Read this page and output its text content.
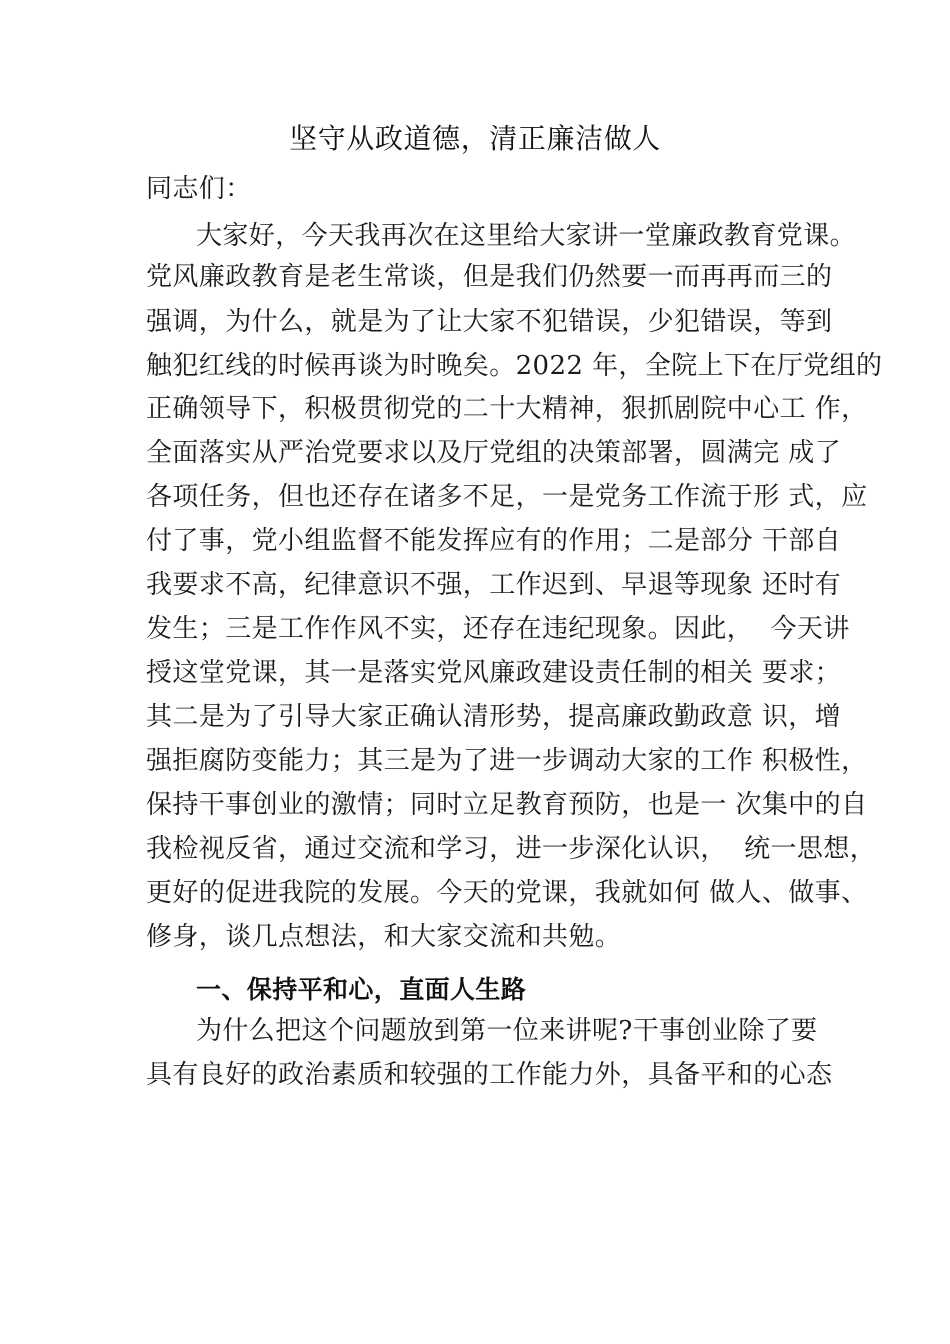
坚守从政道德，清正廉洁做人
同志们：
大家好，今天我再次在这里给大家讲一堂廉政教育党课。
党风廉政教育是老生常谈，但是我们仍然要一而再再而三的
强调，为什么，就是为了让大家不犯错误，少犯错误，等到
触犯红线的时候再谈为时晚矣。2022 年，全院上下在厅党组的
正确领导下，积极贯彻党的二十大精神，狠抓剧院中心工 作，
全面落实从严治党要求以及厅党组的决策部署，圆满完 成了
各项任务，但也还存在诸多不足，一是党务工作流于形 式，应
付了事，党小组监督不能发挥应有的作用；二是部分 干部自
我要求不高，纪律意识不强，工作迟到、早退等现象 还时有
发生；三是工作作风不实，还存在违纪现象。因此，  今天讲
授这堂党课，其一是落实党风廉政建设责任制的相关 要求；
其二是为了引导大家正确认清形势，提高廉政勤政意 识，增
强拒腐防变能力；其三是为了进一步调动大家的工作 积极性，
保持干事创业的激情；同时立足教育预防，也是一 次集中的自
我检视反省，通过交流和学习，进一步深化认识，  统一思想，
更好的促进我院的发展。今天的党课，我就如何 做人、做事、
修身，谈几点想法，和大家交流和共勉。
一、保持平和心，直面人生路
为什么把这个问题放到第一位来讲呢?干事创业除了要
具有良好的政治素质和较强的工作能力外，具备平和的心态
